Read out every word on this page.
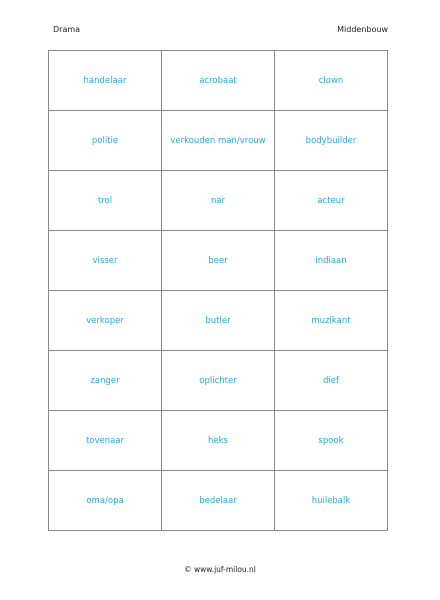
Drama	Middenbouw
handelaar	acrobaat	clown
politie	verkouden man/vrouw	bodybuilder
trol	nar	acteur
visser	beer	indiaan
verkoper	butler	muzikant
zanger	oplichter	dief
tovenaar	heks	spook
oma/opa	bedelaar	huilebalk
© www.juf-milou.nl
